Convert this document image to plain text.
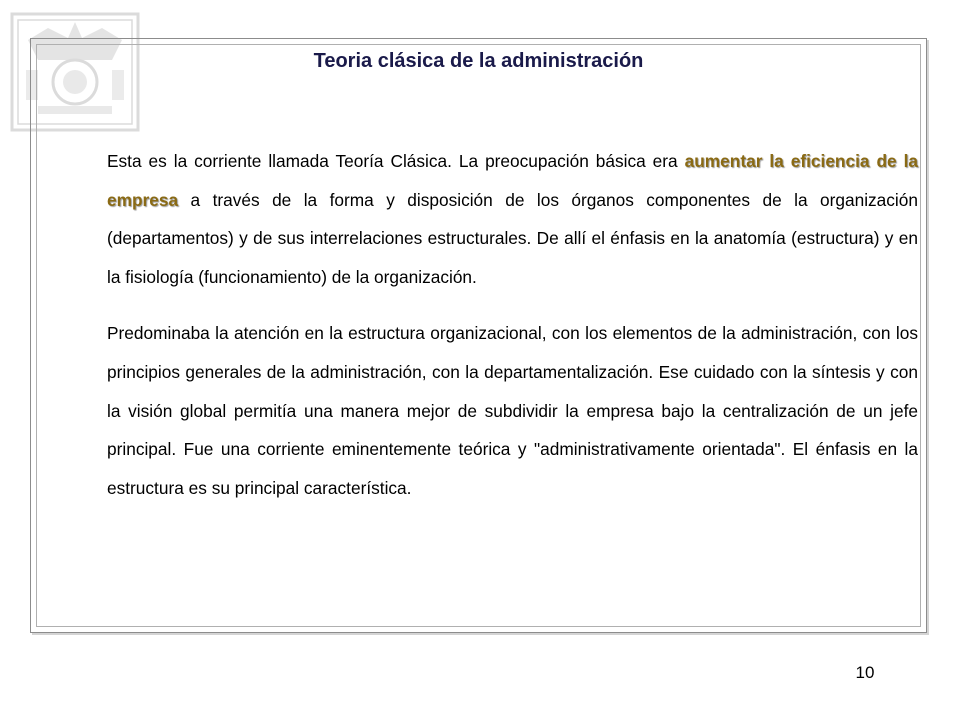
Teoria clásica de la administración

Esta es la corriente llamada Teoría Clásica. La preocupación básica era aumentar la eficiencia de la empresa a través de la forma y disposición de los órganos componentes de la organización (departamentos) y de sus interrelaciones estructurales. De allí el énfasis en la anatomía (estructura) y en la fisiología (funcionamiento) de la organización.

Predominaba la atención en la estructura organizacional, con los elementos de la administración, con los principios generales de la administración, con la departamentalización. Ese cuidado con la síntesis y con la visión global permitía una manera mejor de subdividir la empresa bajo la centralización de un jefe principal. Fue una corriente eminentemente teórica y "administrativamente orientada". El énfasis en la estructura es su principal característica.

10
